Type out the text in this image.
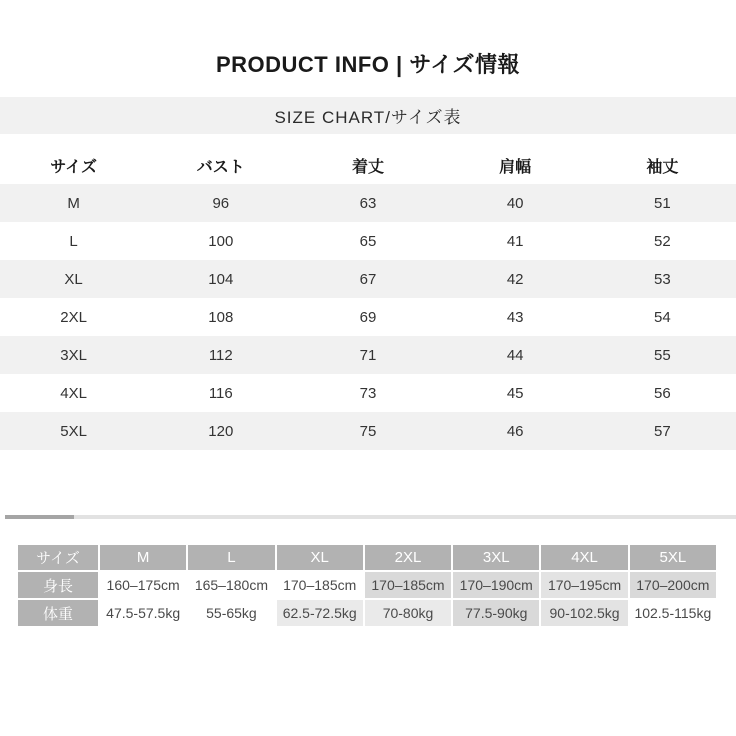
PRODUCT INFO | サイズ情報
SIZE CHART/サイズ表
サイズ	バスト	着丈	肩幅	袖丈
M	96	63	40	51
L	100	65	41	52
XL	104	67	42	53
2XL	108	69	43	54
3XL	112	71	44	55
4XL	116	73	45	56
5XL	120	75	46	57
サイズ	M	L	XL	2XL	3XL	4XL	5XL
身長	160–175cm	165–180cm	170–185cm	170–185cm	170–190cm	170–195cm	170–200cm
体重	47.5-57.5kg	55-65kg	62.5-72.5kg	70-80kg	77.5-90kg	90-102.5kg	102.5-115kg
